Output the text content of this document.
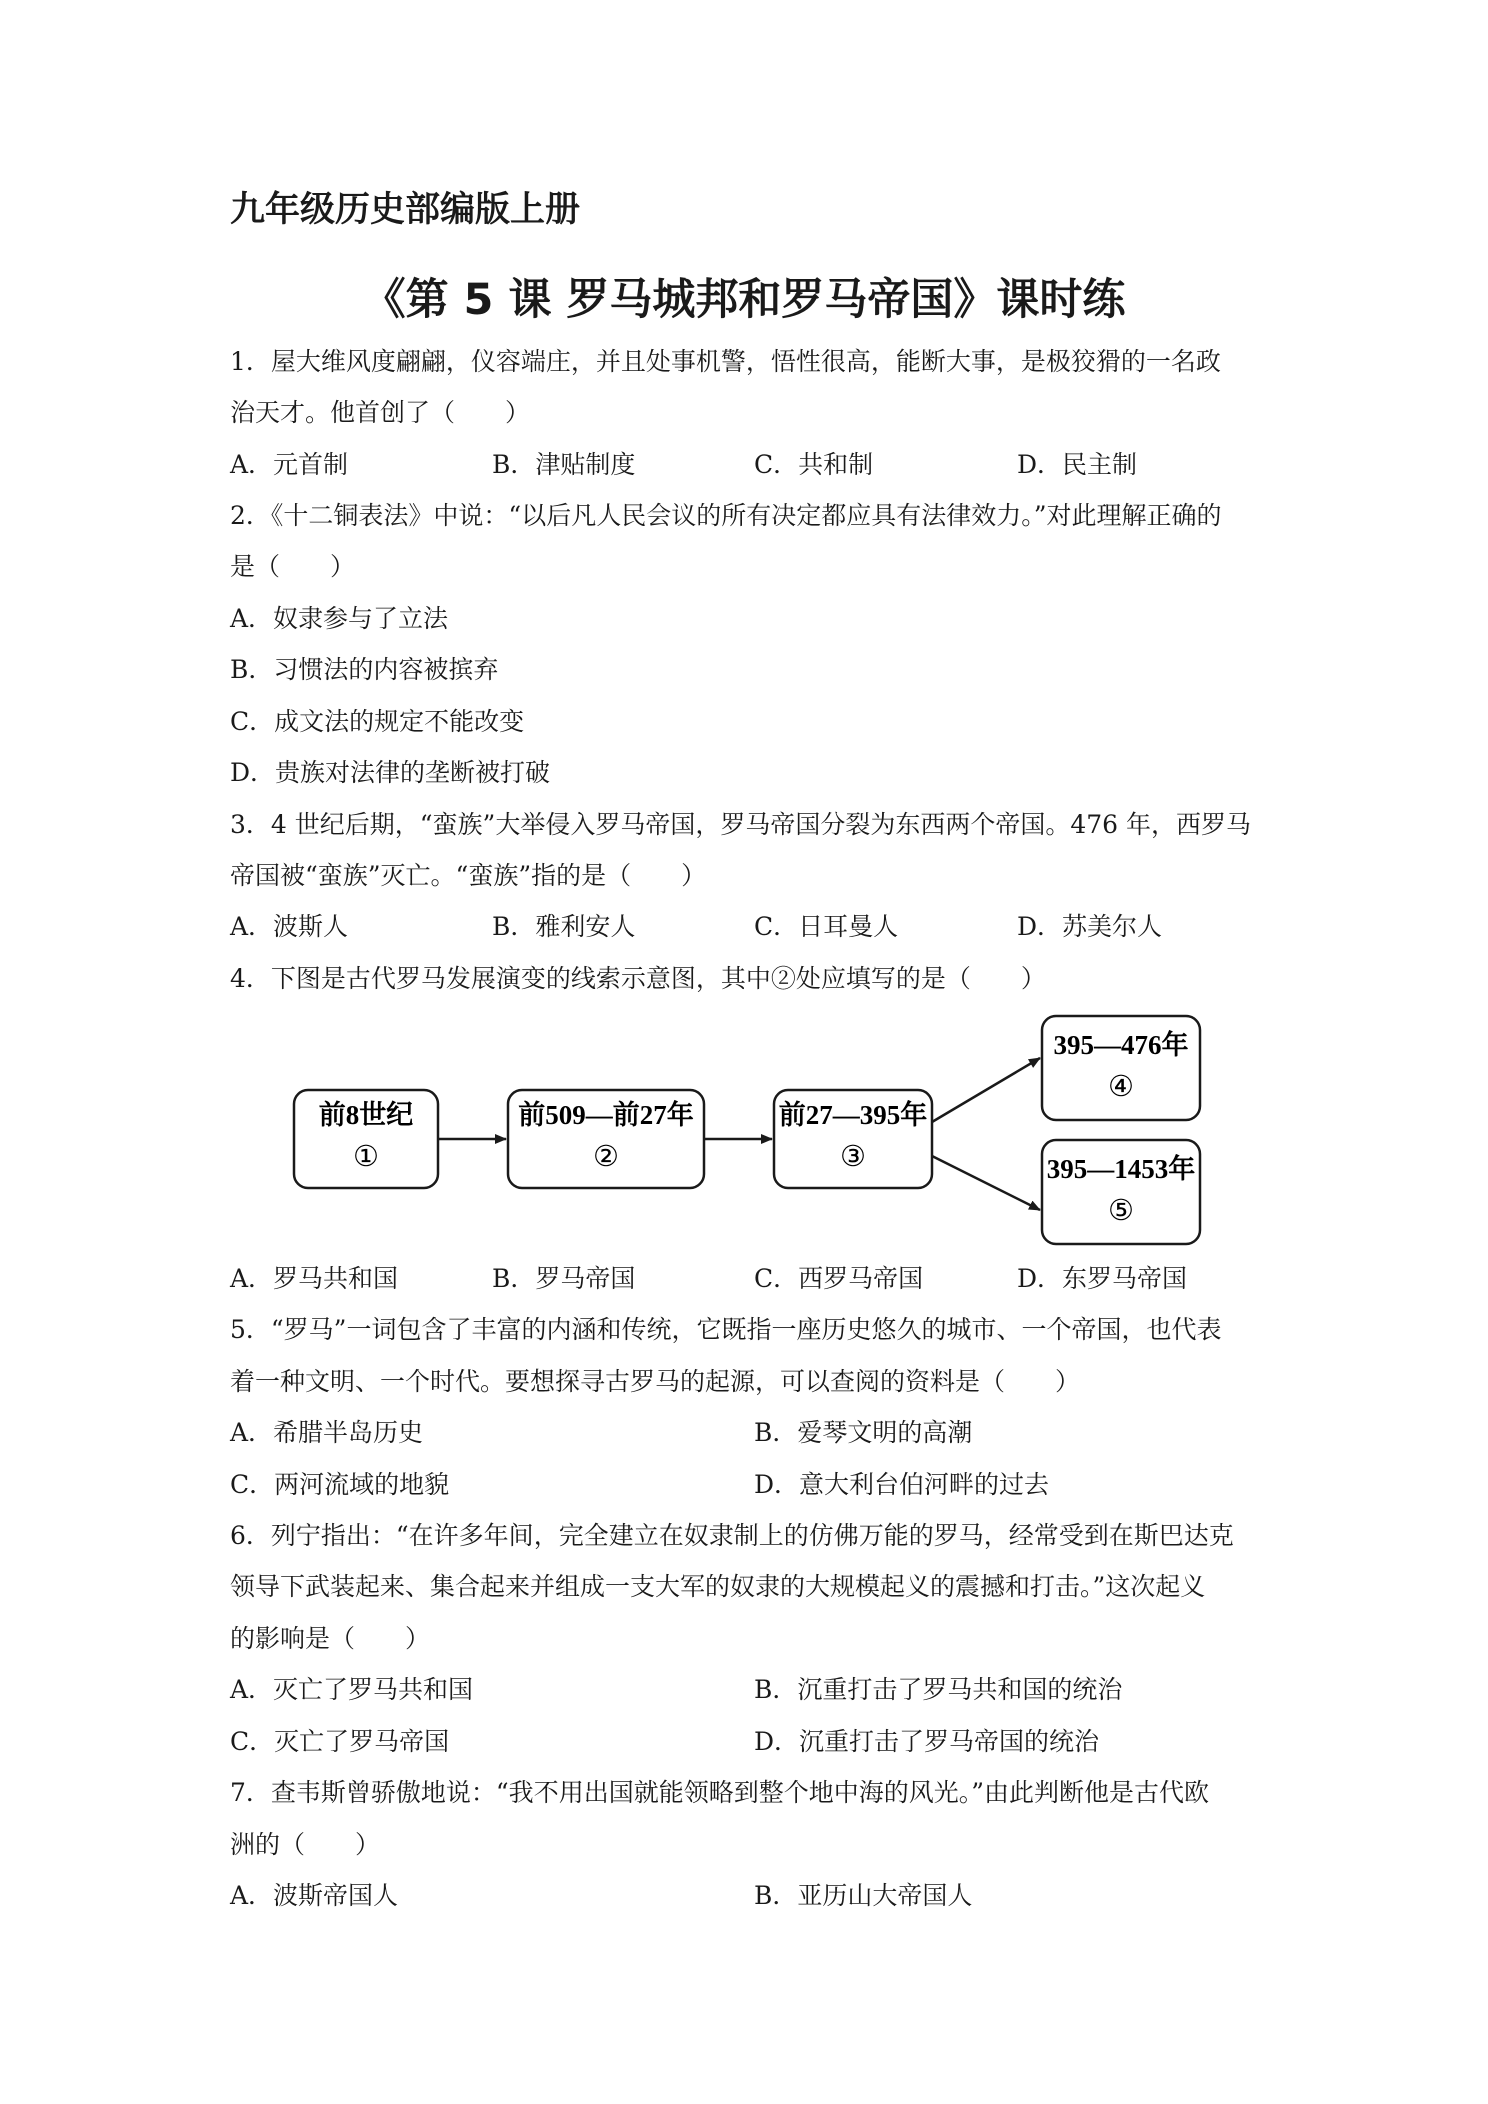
九年级历史部编版上册
《第 5 课 罗马城邦和罗马帝国》课时练
1．屋大维风度翩翩，仪容端庄，并且处事机警，悟性很高，能断大事，是极狡猾的一名政
治天才。他首创了（　　）
A．元首制	B．津贴制度	C．共和制	D．民主制
2．《十二铜表法》中说：“以后凡人民会议的所有决定都应具有法律效力。”对此理解正确的
是（　　）
A．奴隶参与了立法
B．习惯法的内容被摈弃
C．成文法的规定不能改变
D．贵族对法律的垄断被打破
3．4 世纪后期，“蛮族”大举侵入罗马帝国，罗马帝国分裂为东西两个帝国。476 年，西罗马
帝国被“蛮族”灭亡。“蛮族”指的是（　　）
A．波斯人	B．雅利安人	C．日耳曼人	D．苏美尔人
4．下图是古代罗马发展演变的线索示意图，其中②处应填写的是（　　）
前8世纪
①
前509—前27年
②
前27—395年
③
395—476年
④
395—1453年
⑤
A．罗马共和国	B．罗马帝国	C．西罗马帝国	D．东罗马帝国
5．“罗马”一词包含了丰富的内涵和传统，它既指一座历史悠久的城市、一个帝国，也代表
着一种文明、一个时代。要想探寻古罗马的起源，可以查阅的资料是（　　）
A．希腊半岛历史	B．爱琴文明的高潮
C．两河流域的地貌	D．意大利台伯河畔的过去
6．列宁指出：“在许多年间，完全建立在奴隶制上的仿佛万能的罗马，经常受到在斯巴达克
领导下武装起来、集合起来并组成一支大军的奴隶的大规模起义的震撼和打击。”这次起义
的影响是（　　）
A．灭亡了罗马共和国	B．沉重打击了罗马共和国的统治
C．灭亡了罗马帝国	D．沉重打击了罗马帝国的统治
7．查韦斯曾骄傲地说：“我不用出国就能领略到整个地中海的风光。”由此判断他是古代欧
洲的（　　）
A．波斯帝国人	B．亚历山大帝国人
